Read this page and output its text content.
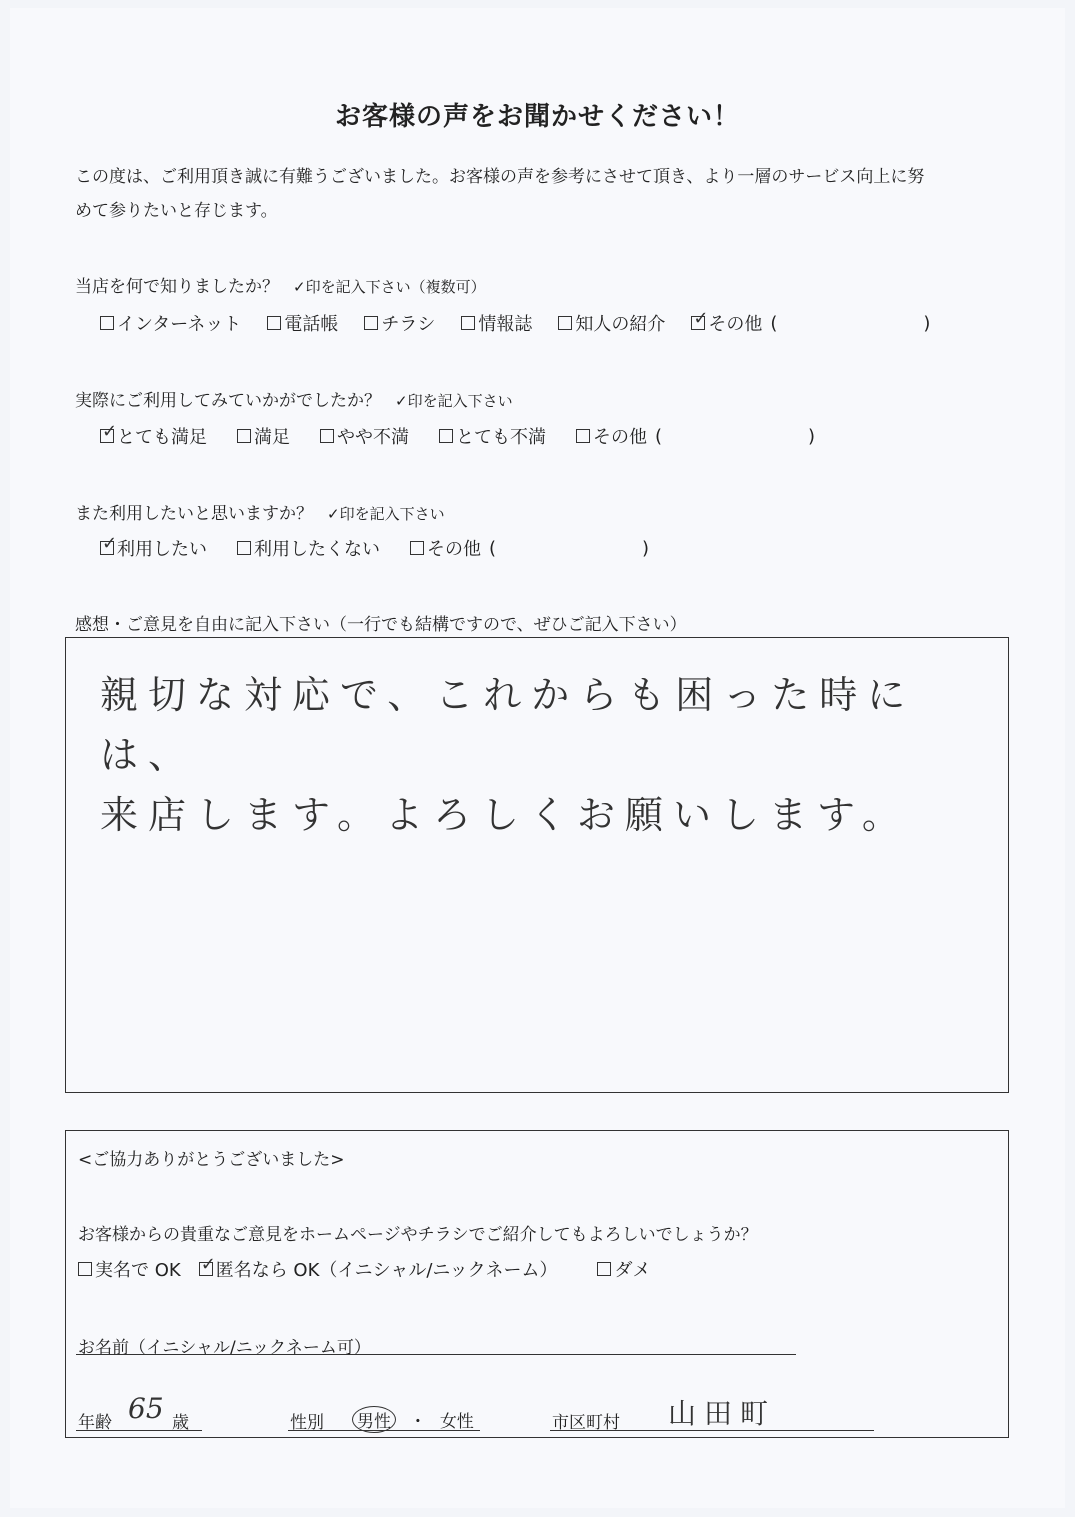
お客様の声をお聞かせください！
この度は、ご利用頂き誠に有難うございました。お客様の声を参考にさせて頂き、より一層のサービス向上に努
めて参りたいと存じます。
当店を何で知りましたか？ ✓印を記入下さい（複数可）
インターネット 電話帳 チラシ 情報誌 知人の紹介 ✓ その他 (	)
実際にご利用してみていかがでしたか？ ✓印を記入下さい
✓
とても満足	満足	やや不満	とても不満	その他 (	)
また利用したいと思いますか？ ✓印を記入下さい
✓
利用したい	利用したくない	その他 (	)
感想・ご意見を自由に記入下さい（一行でも結構ですので、ぜひご記入下さい）
親切な対応で、これからも困った時には、
来店します。よろしくお願いします。
<ご協力ありがとうございました>
お客様からの貴重なご意見をホームページやチラシでご紹介してもよろしいでしょうか？
実名で OK ✓ 匿名なら OK（イニシャル/ニックネーム）	ダメ
お名前（イニシャル/ニックネーム可）
年齢 65 歳	性別 男性 ・ 女性	市区町村 山田町
